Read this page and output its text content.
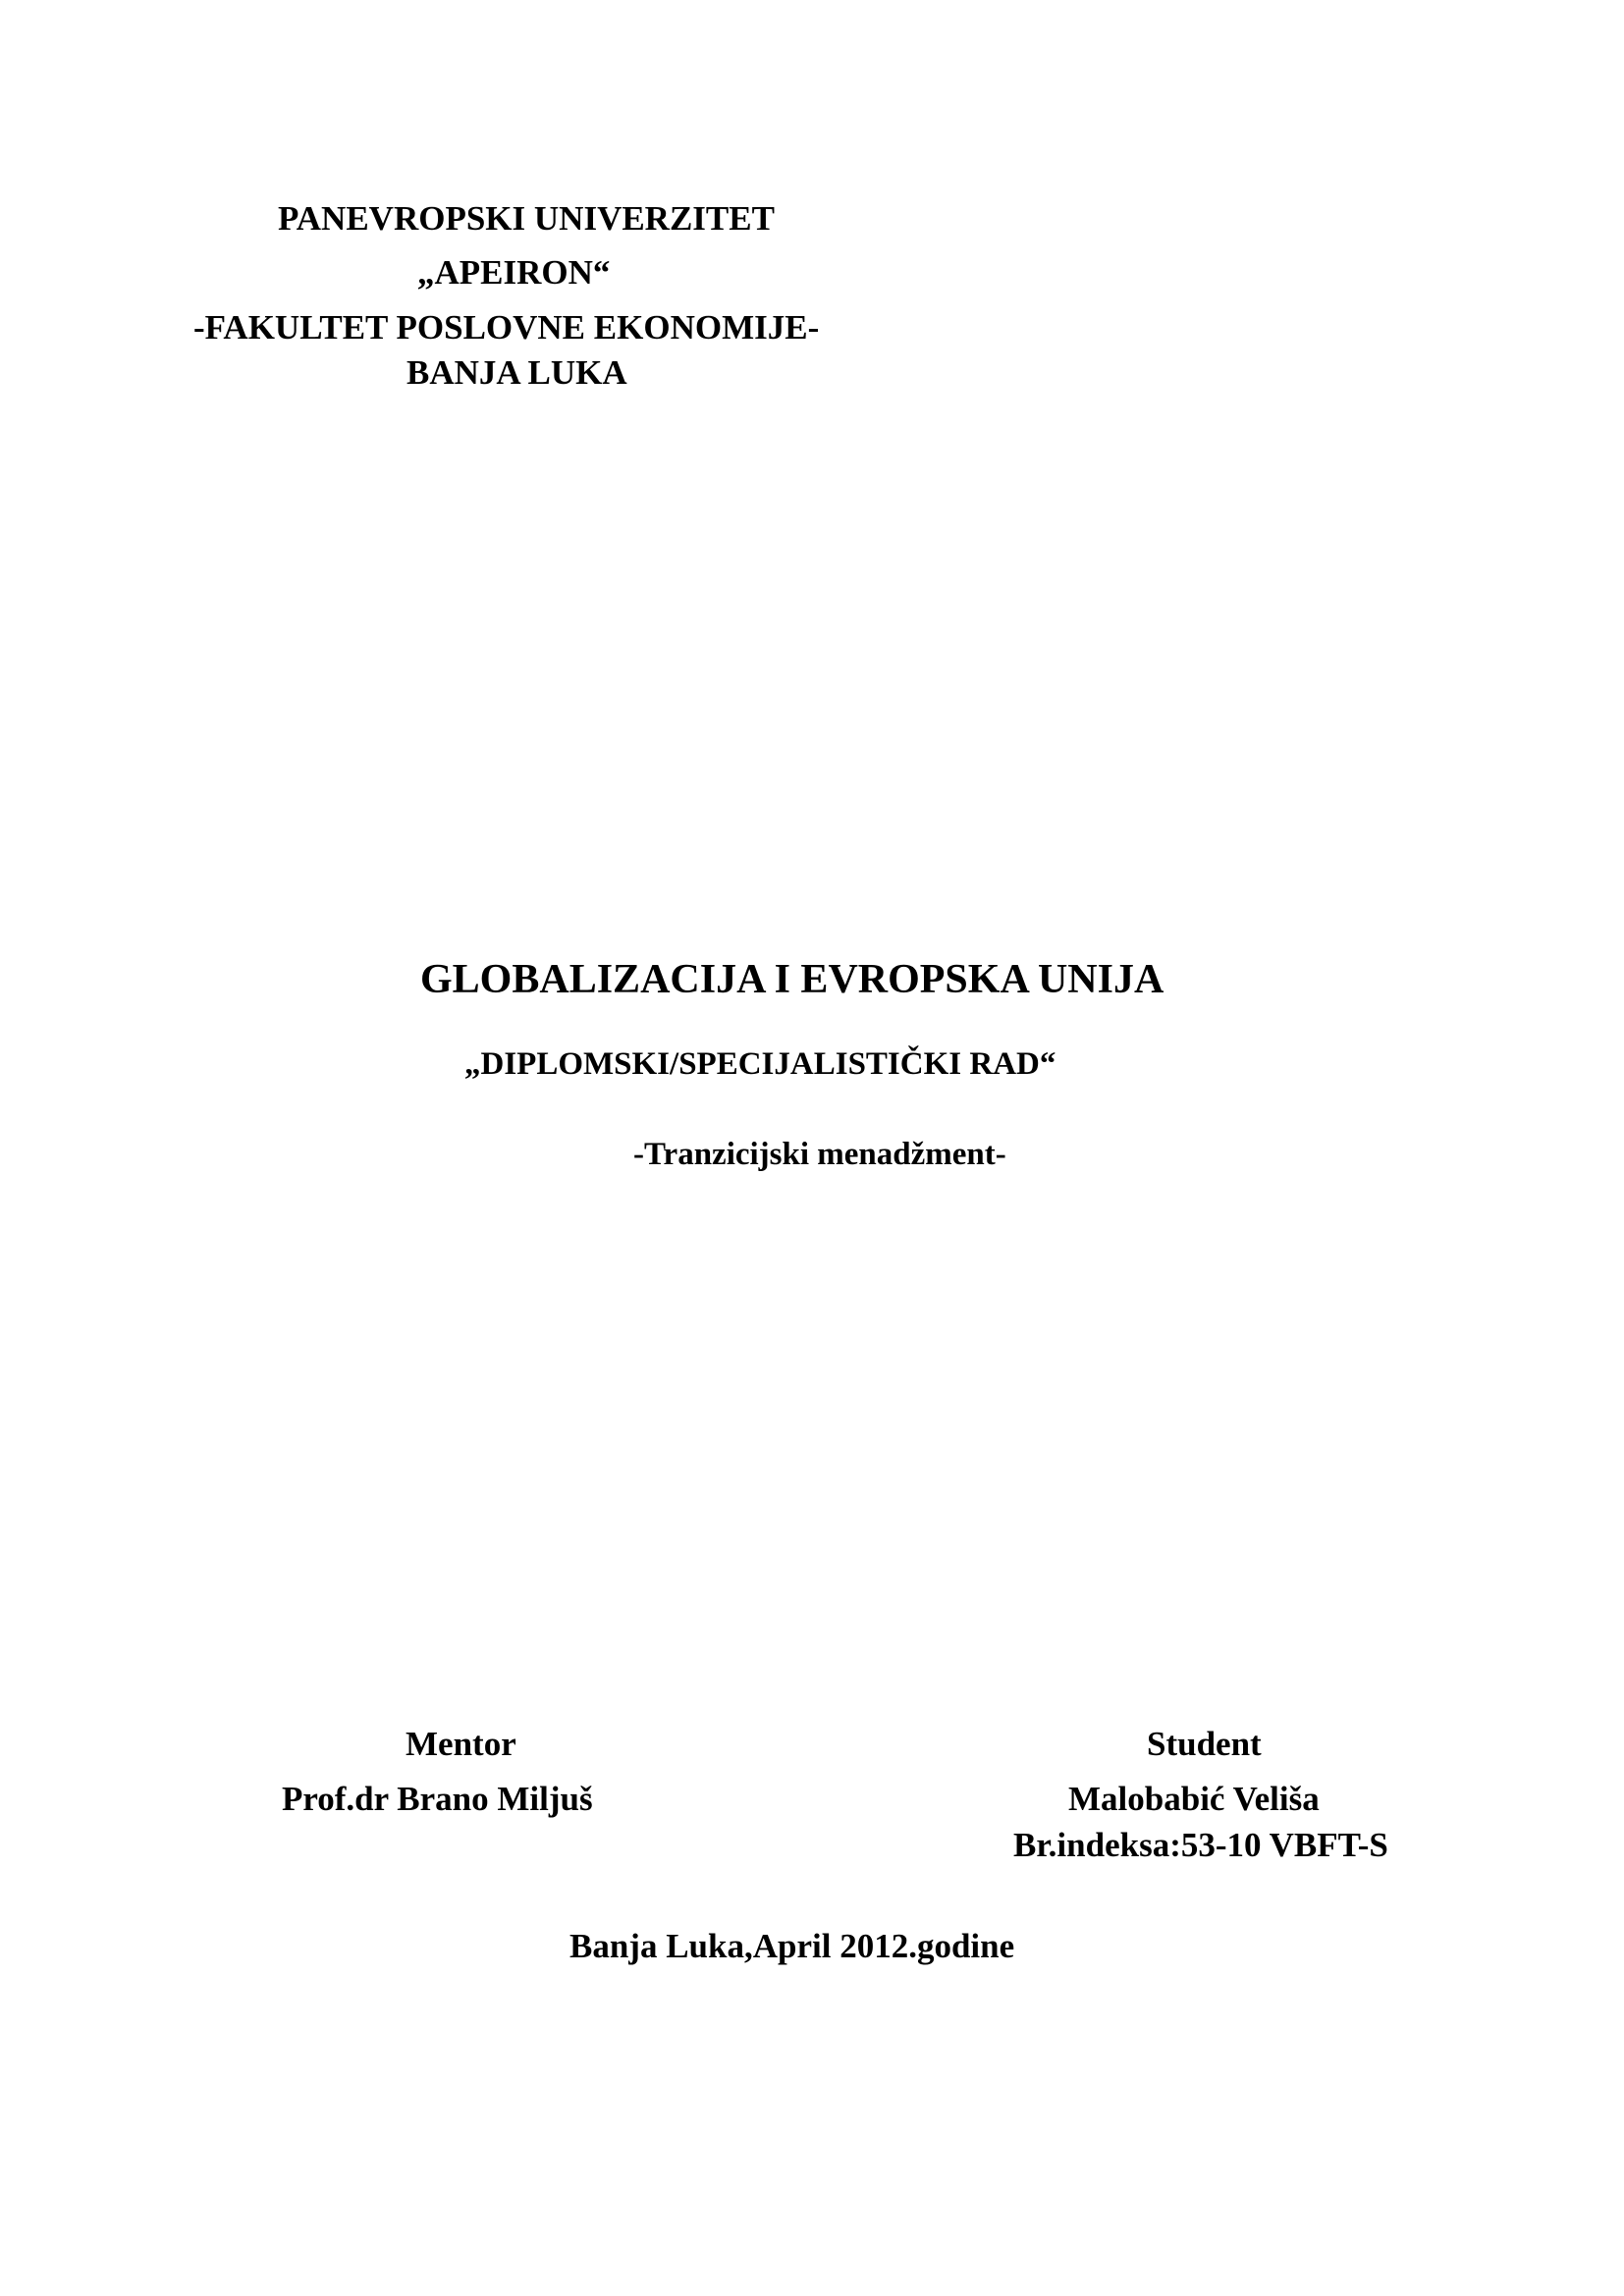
PANEVROPSKI UNIVERZITET
„APEIRON“
-FAKULTET POSLOVNE EKONOMIJE-
BANJA LUKA
GLOBALIZACIJA I EVROPSKA UNIJA
„DIPLOMSKI/SPECIJALISTIČKI RAD“
-Tranzicijski menadžment-
Mentor
Prof.dr Brano Miljuš
Student
Malobabić Veliša
Br.indeksa:53-10 VBFT-S
Banja Luka,April 2012.godine
